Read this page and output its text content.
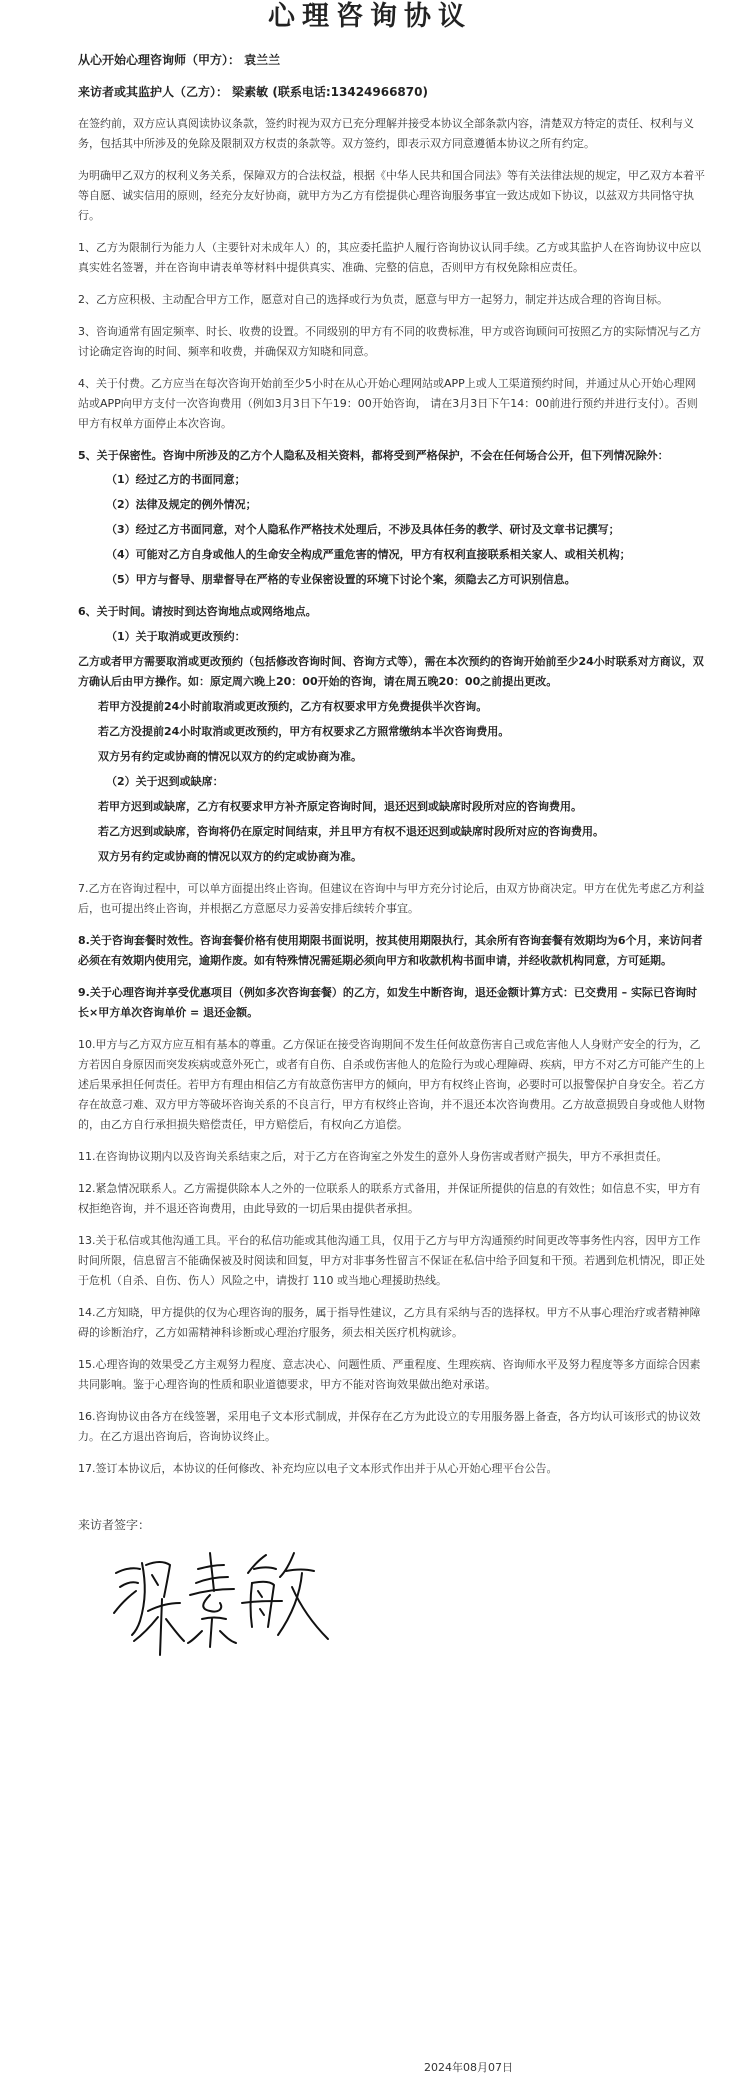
心理咨询协议
从心开始心理咨询师（甲方）： 袁兰兰
来访者或其监护人（乙方）： 梁素敏 (联系电话:13424966870)

在签约前，双方应认真阅读协议条款，签约时视为双方已充分理解并接受本协议全部条款内容，清楚双方特定的责任、权利与义务，包括其中所涉及的免除及限制双方权责的条款等。双方签约，即表示双方同意遵循本协议之所有约定。

为明确甲乙双方的权利义务关系，保障双方的合法权益，根据《中华人民共和国合同法》等有关法律法规的规定，甲乙双方本着平等自愿、诚实信用的原则，经充分友好协商，就甲方为乙方有偿提供心理咨询服务事宜一致达成如下协议，以兹双方共同恪守执行。

1、乙方为限制行为能力人（主要针对未成年人）的，其应委托监护人履行咨询协议认同手续。乙方或其监护人在咨询协议中应以真实姓名签署，并在咨询申请表单等材料中提供真实、准确、完整的信息，否则甲方有权免除相应责任。

2、乙方应积极、主动配合甲方工作，愿意对自己的选择或行为负责，愿意与甲方一起努力，制定并达成合理的咨询目标。

3、咨询通常有固定频率、时长、收费的设置。不同级别的甲方有不同的收费标准，甲方或咨询顾问可按照乙方的实际情况与乙方讨论确定咨询的时间、频率和收费，并确保双方知晓和同意。

4、关于付费。乙方应当在每次咨询开始前至少5小时在从心开始心理网站或APP上或人工渠道预约时间，并通过从心开始心理网站或APP向甲方支付一次咨询费用（例如3月3日下午19：00开始咨询， 请在3月3日下午14：00前进行预约并进行支付）。否则甲方有权单方面停止本次咨询。

5、关于保密性。咨询中所涉及的乙方个人隐私及相关资料，都将受到严格保护，不会在任何场合公开，但下列情况除外：

（1）经过乙方的书面同意；
（2）法律及规定的例外情况；
（3）经过乙方书面同意，对个人隐私作严格技术处理后，不涉及具体任务的教学、研讨及文章书记撰写；
（4）可能对乙方自身或他人的生命安全构成严重危害的情况，甲方有权利直接联系相关家人、或相关机构；
（5）甲方与督导、朋辈督导在严格的专业保密设置的环境下讨论个案，须隐去乙方可识别信息。
6、关于时间。请按时到达咨询地点或网络地点。
（1）关于取消或更改预约：
乙方或者甲方需要取消或更改预约（包括修改咨询时间、咨询方式等），需在本次预约的咨询开始前至少24小时联系对方商议，双方确认后由甲方操作。如：原定周六晚上20：00开始的咨询，请在周五晚20：00之前提出更改。
若甲方没提前24小时前取消或更改预约，乙方有权要求甲方免费提供半次咨询。
若乙方没提前24小时取消或更改预约，甲方有权要求乙方照常缴纳本半次咨询费用。
双方另有约定或协商的情况以双方的约定或协商为准。
（2）关于迟到或缺席：
若甲方迟到或缺席，乙方有权要求甲方补齐原定咨询时间，退还迟到或缺席时段所对应的咨询费用。
若乙方迟到或缺席，咨询将仍在原定时间结束，并且甲方有权不退还迟到或缺席时段所对应的咨询费用。
双方另有约定或协商的情况以双方的约定或协商为准。

7.乙方在咨询过程中，可以单方面提出终止咨询。但建议在咨询中与甲方充分讨论后，由双方协商决定。甲方在优先考虑乙方利益后，也可提出终止咨询，并根据乙方意愿尽力妥善安排后续转介事宜。

8.关于咨询套餐时效性。咨询套餐价格有使用期限书面说明，按其使用期限执行，其余所有咨询套餐有效期均为6个月，来访问者必须在有效期内使用完，逾期作废。如有特殊情况需延期必须向甲方和收款机构书面申请，并经收款机构同意，方可延期。

9.关于心理咨询并享受优惠项目（例如多次咨询套餐）的乙方，如发生中断咨询，退还金额计算方式：已交费用 – 实际已咨询时长×甲方单次咨询单价 = 退还金额。

10.甲方与乙方双方应互相有基本的尊重。乙方保证在接受咨询期间不发生任何故意伤害自己或危害他人人身财产安全的行为，乙方若因自身原因而突发疾病或意外死亡，或者有自伤、自杀或伤害他人的危险行为或心理障碍、疾病，甲方不对乙方可能产生的上述后果承担任何责任。若甲方有理由相信乙方有故意伤害甲方的倾向，甲方有权终止咨询，必要时可以报警保护自身安全。若乙方存在故意刁难、双方甲方等破坏咨询关系的不良言行，甲方有权终止咨询，并不退还本次咨询费用。乙方故意损毁自身或他人财物的，由乙方自行承担损失赔偿责任，甲方赔偿后，有权向乙方追偿。

11.在咨询协议期内以及咨询关系结束之后，对于乙方在咨询室之外发生的意外人身伤害或者财产损失，甲方不承担责任。

12.紧急情况联系人。乙方需提供除本人之外的一位联系人的联系方式备用，并保证所提供的信息的有效性；如信息不实，甲方有权拒绝咨询，并不退还咨询费用，由此导致的一切后果由提供者承担。

13.关于私信或其他沟通工具。平台的私信功能或其他沟通工具，仅用于乙方与甲方沟通预约时间更改等事务性内容，因甲方工作时间所限，信息留言不能确保被及时阅读和回复，甲方对非事务性留言不保证在私信中给予回复和干预。若遇到危机情况，即正处于危机（自杀、自伤、伤人）风险之中，请拨打 110 或当地心理援助热线。

14.乙方知晓，甲方提供的仅为心理咨询的服务，属于指导性建议，乙方具有采纳与否的选择权。甲方不从事心理治疗或者精神障碍的诊断治疗，乙方如需精神科诊断或心理治疗服务，须去相关医疗机构就诊。

15.心理咨询的效果受乙方主观努力程度、意志决心、问题性质、严重程度、生理疾病、咨询师水平及努力程度等多方面综合因素共同影响。鉴于心理咨询的性质和职业道德要求，甲方不能对咨询效果做出绝对承诺。

16.咨询协议由各方在线签署，采用电子文本形式制成，并保存在乙方为此设立的专用服务器上备查，各方均认可该形式的协议效力。在乙方退出咨询后，咨询协议终止。

17.签订本协议后，本协议的任何修改、补充均应以电子文本形式作出并于从心开始心理平台公告。

来访者签字：
2024年08月07日
